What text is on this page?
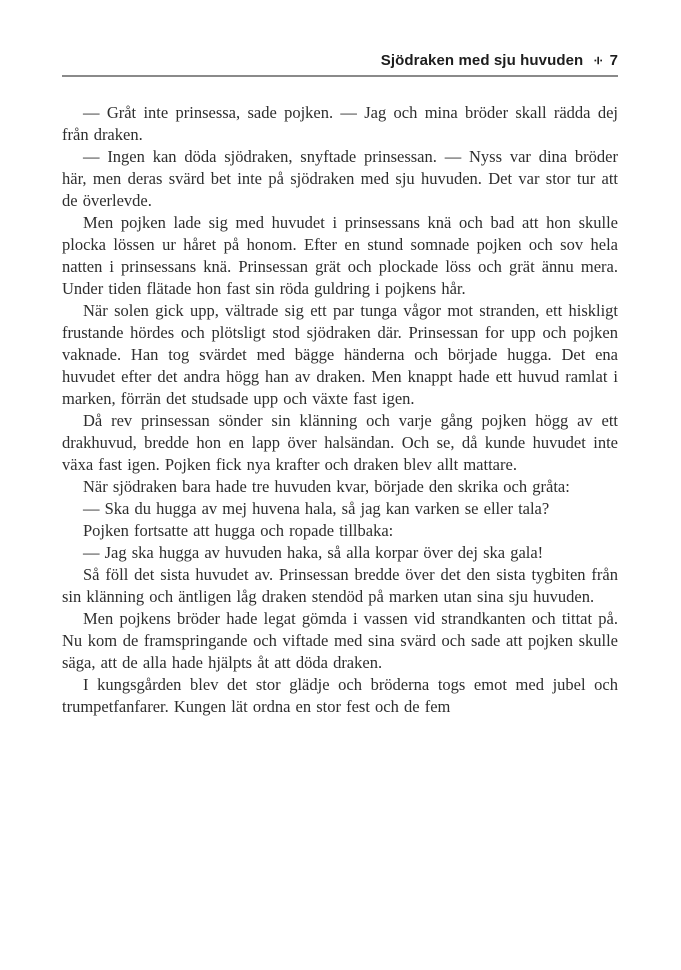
Sjödraken med sju huvuden ÷ 7

— Gråt inte prinsessa, sade pojken. — Jag och mina bröder skall rädda dej från draken.

— Ingen kan döda sjödraken, snyftade prinsessan. — Nyss var dina bröder här, men deras svärd bet inte på sjödraken med sju huvuden. Det var stor tur att de överlevde.

Men pojken lade sig med huvudet i prinsessans knä och bad att hon skulle plocka lössen ur håret på honom. Efter en stund somnade pojken och sov hela natten i prinsessans knä. Prinsessan grät och plockade löss och grät ännu mera. Under tiden flätade hon fast sin röda guldring i pojkens hår.

När solen gick upp, vältrade sig ett par tunga vågor mot stranden, ett hiskligt frustande hördes och plötsligt stod sjödraken där. Prinsessan for upp och pojken vaknade. Han tog svärdet med bägge händerna och började hugga. Det ena huvudet efter det andra högg han av draken. Men knappt hade ett huvud ramlat i marken, förrän det studsade upp och växte fast igen.

Då rev prinsessan sönder sin klänning och varje gång pojken högg av ett drakhuvud, bredde hon en lapp över halsändan. Och se, då kunde huvudet inte växa fast igen. Pojken fick nya krafter och draken blev allt mattare.

När sjödraken bara hade tre huvuden kvar, började den skrika och gråta:

— Ska du hugga av mej huvena hala, så jag kan varken se eller tala?

Pojken fortsatte att hugga och ropade tillbaka:

— Jag ska hugga av huvuden haka, så alla korpar över dej ska gala!

Så föll det sista huvudet av. Prinsessan bredde över det den sista tygbiten från sin klänning och äntligen låg draken stendöd på marken utan sina sju huvuden.

Men pojkens bröder hade legat gömda i vassen vid strandkanten och tittat på. Nu kom de framspringande och viftade med sina svärd och sade att pojken skulle säga, att de alla hade hjälpts åt att döda draken.

I kungsgården blev det stor glädje och bröderna togs emot med jubel och trumpetfanfarer. Kungen lät ordna en stor fest och de fem
